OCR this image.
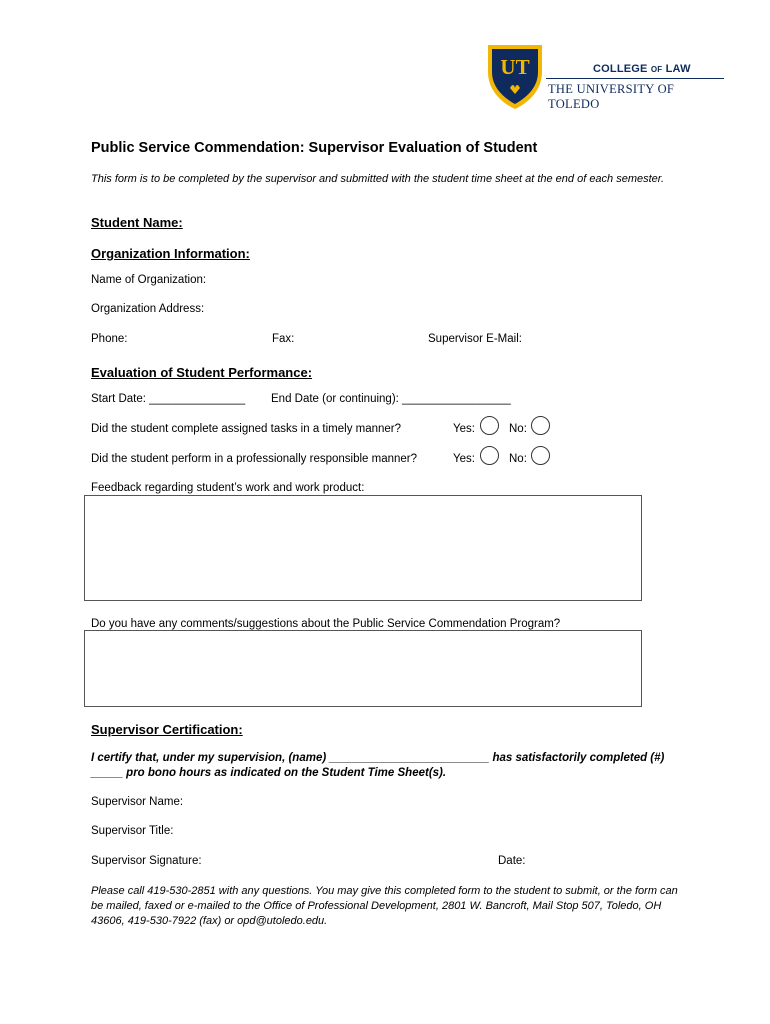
UT	COLLEGE OF LAW
THE UNIVERSITY OF TOLEDO
Public Service Commendation: Supervisor Evaluation of Student
This form is to be completed by the supervisor and submitted with the student time sheet at the end of each semester.
Student Name:
Organization Information:
Name of Organization:
Organization Address:
Phone:	Fax:	Supervisor E-Mail:
Evaluation of Student Performance:
Start Date: _______________ End Date (or continuing): _________________
Did the student complete assigned tasks in a timely manner?	Yes:	No:
Did the student perform in a professionally responsible manner?	Yes:	No:
Feedback regarding student’s work and work product:
Do you have any comments/suggestions about the Public Service Commendation Program?
Supervisor Certification:
I certify that, under my supervision, (name) _________________________ has satisfactorily completed (#) _____ pro bono hours as indicated on the Student Time Sheet(s).
Supervisor Name:
Supervisor Title:
Supervisor Signature:	Date:
Please call 419-530-2851 with any questions. You may give this completed form to the student to submit, or the form can be mailed, faxed or e-mailed to the Office of Professional Development, 2801 W. Bancroft, Mail Stop 507, Toledo, OH 43606, 419-530-7922 (fax) or opd@utoledo.edu.
